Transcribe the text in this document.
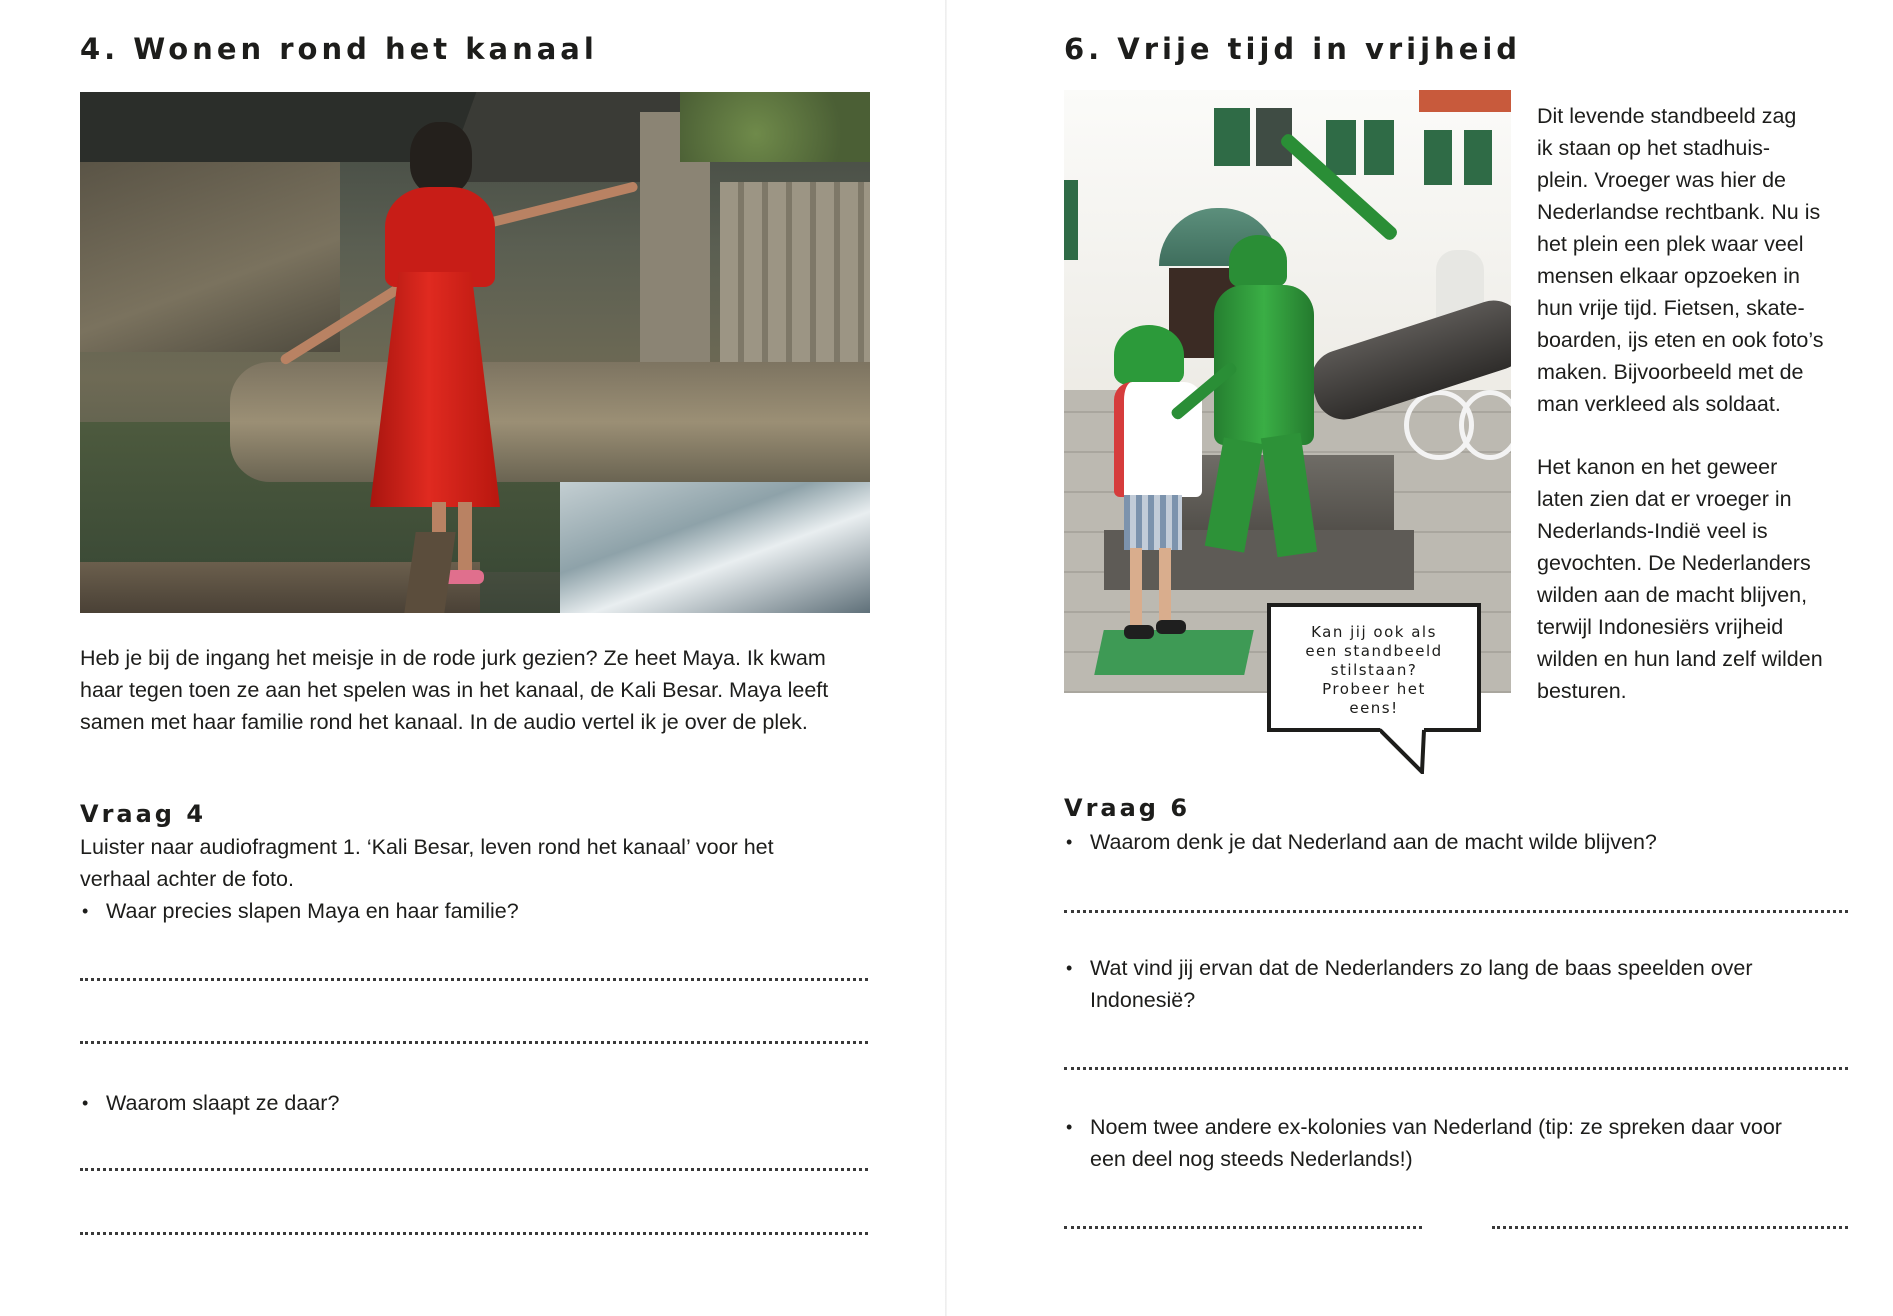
4. Wonen rond het kanaal

Heb je bij de ingang het meisje in de rode jurk gezien? Ze heet Maya. Ik kwam

haar tegen toen ze aan het spelen was in het kanaal, de Kali Besar. Maya leeft

samen met haar familie rond het kanaal. In de audio vertel ik je over de plek.

Vraag 4

Luister naar audiofragment 1. ‘Kali Besar, leven rond het kanaal’ voor het

verhaal achter de foto.

• Waar precies slapen Maya en haar familie?

• Waarom slaapt ze daar?

6. Vrije tijd in vrijheid
Kan jij ook als
een standbeeld
stilstaan?
Probeer het
eens!

Dit levende standbeeld zag

ik staan op het stadhuis-

plein. Vroeger was hier de

Nederlandse rechtbank. Nu is

het plein een plek waar veel

mensen elkaar opzoeken in

hun vrije tijd. Fietsen, skate-

boarden, ijs eten en ook foto’s

maken. Bijvoorbeeld met de

man verkleed als soldaat.

Het kanon en het geweer

laten zien dat er vroeger in

Nederlands-Indië veel is

gevochten. De Nederlanders

wilden aan de macht blijven,

terwijl Indonesiërs vrijheid

wilden en hun land zelf wilden

besturen.

Vraag 6

• Waarom denk je dat Nederland aan de macht wilde blijven?

• Wat vind jij ervan dat de Nederlanders zo lang de baas speelden over

Indonesië?

• Noem twee andere ex-kolonies van Nederland (tip: ze spreken daar voor

een deel nog steeds Nederlands!)
